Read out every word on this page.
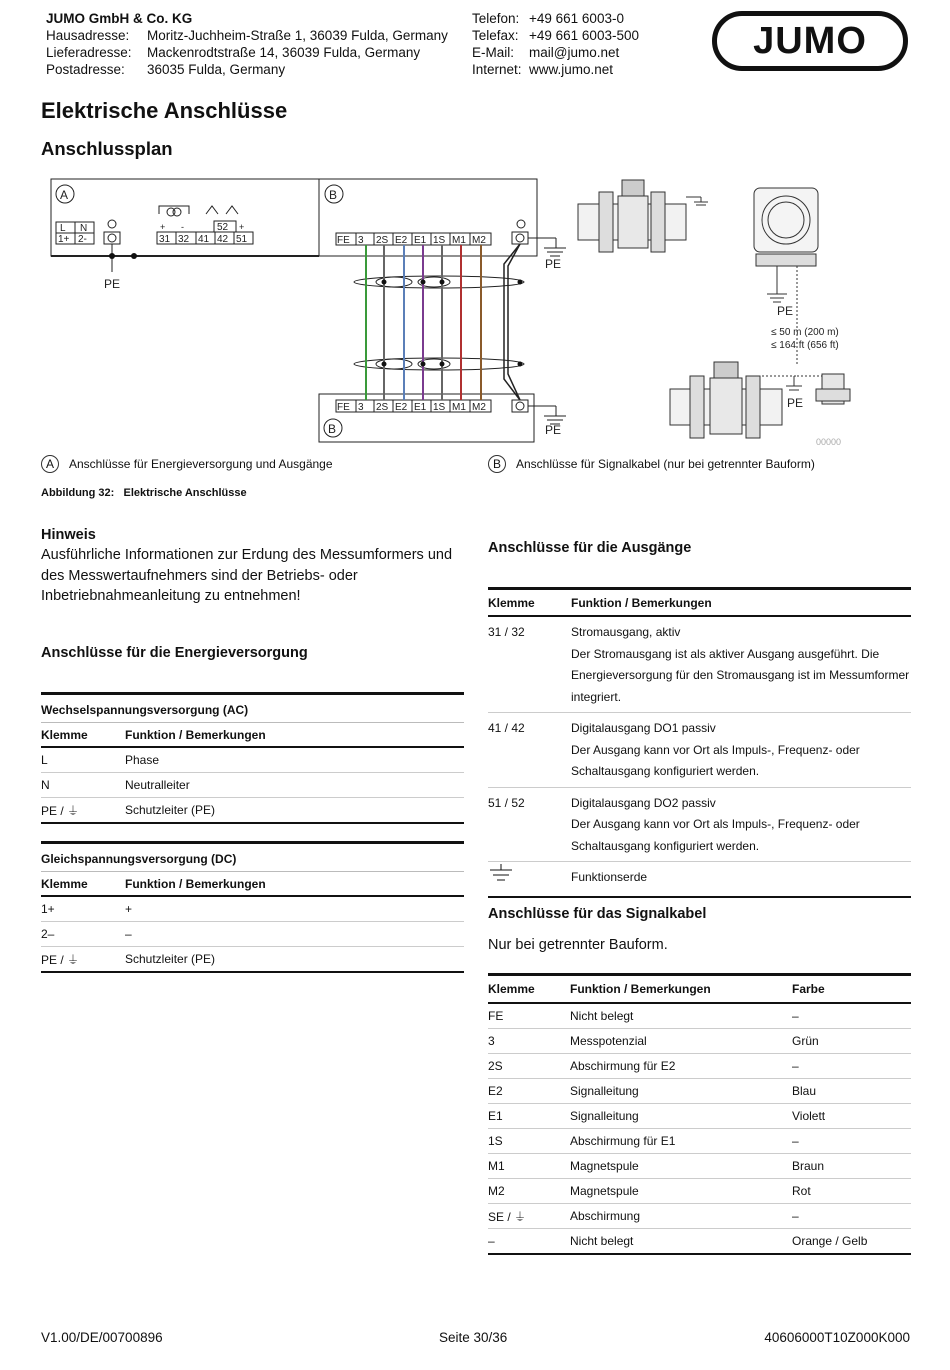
JUMO GmbH & Co. KG
Hausadresse:	Moritz-Juchheim-Straße 1, 36039 Fulda, Germany
Lieferadresse:	Mackenrodtstraße 14, 36039 Fulda, Germany
Postadresse:	36035 Fulda, Germany
Telefon: +49 661 6003-0
Telefax: +49 661 6003-500
E-Mail:	mail@jumo.net
Internet: www.jumo.net
JUMO
Elektrische Anschlüsse
Anschlussplan
A	B
B
L N
1+ 2-
+ -	52 +
31 32 41 42 51
PE
PE
PE
PE
PE
≤ 50 m (200 m)
≤ 164 ft (656 ft)
00000
FE 3 2S E2 E1 1S M1 M2
FE 3 2S E2 E1 1S M1 M2
A	Anschlüsse für Energieversorgung und Ausgänge	B	Anschlüsse für Signalkabel (nur bei getrennter Bauform)
Abbildung 32:   Elektrische Anschlüsse
Hinweis
Ausführliche Informationen zur Erdung des Messumformers und des Messwertaufnehmers sind der Betriebs- oder Inbetriebnahmeanleitung zu entnehmen!
Anschlüsse für die Energieversorgung
Wechselspannungsversorgung (AC)	
Klemme	Funktion / Bemerkungen
L	Phase
N	Neutralleiter
PE / ⏚	Schutzleiter (PE)
Gleichspannungsversorgung (DC)	
Klemme	Funktion / Bemerkungen
1+	+
2–	–
PE / ⏚	Schutzleiter (PE)
Anschlüsse für die Ausgänge
Klemme	Funktion / Bemerkungen
31 / 32	Stromausgang, aktiv
Der Stromausgang ist als aktiver Ausgang ausgeführt. Die Energieversorgung für den Stromausgang ist im Messumformer integriert.

41 / 42	Digitalausgang DO1 passiv
Der Ausgang kann vor Ort als Impuls-, Frequenz- oder Schaltausgang konfiguriert werden.

51 / 52	Digitalausgang DO2 passiv
Der Ausgang kann vor Ort als Impuls-, Frequenz- oder Schaltausgang konfiguriert werden.

	Funktionserde
Anschlüsse für das Signalkabel
Nur bei getrennter Bauform.
Klemme	Funktion / Bemerkungen	Farbe
FE	Nicht belegt	–
3	Messpotenzial	Grün
2S	Abschirmung für E2	–
E2	Signalleitung	Blau
E1	Signalleitung	Violett
1S	Abschirmung für E1	–
M1	Magnetspule	Braun
M2	Magnetspule	Rot
SE / ⏚	Abschirmung	–
–	Nicht belegt	Orange / Gelb
V1.00/DE/00700896	Seite 30/36	40606000T10Z000K000
